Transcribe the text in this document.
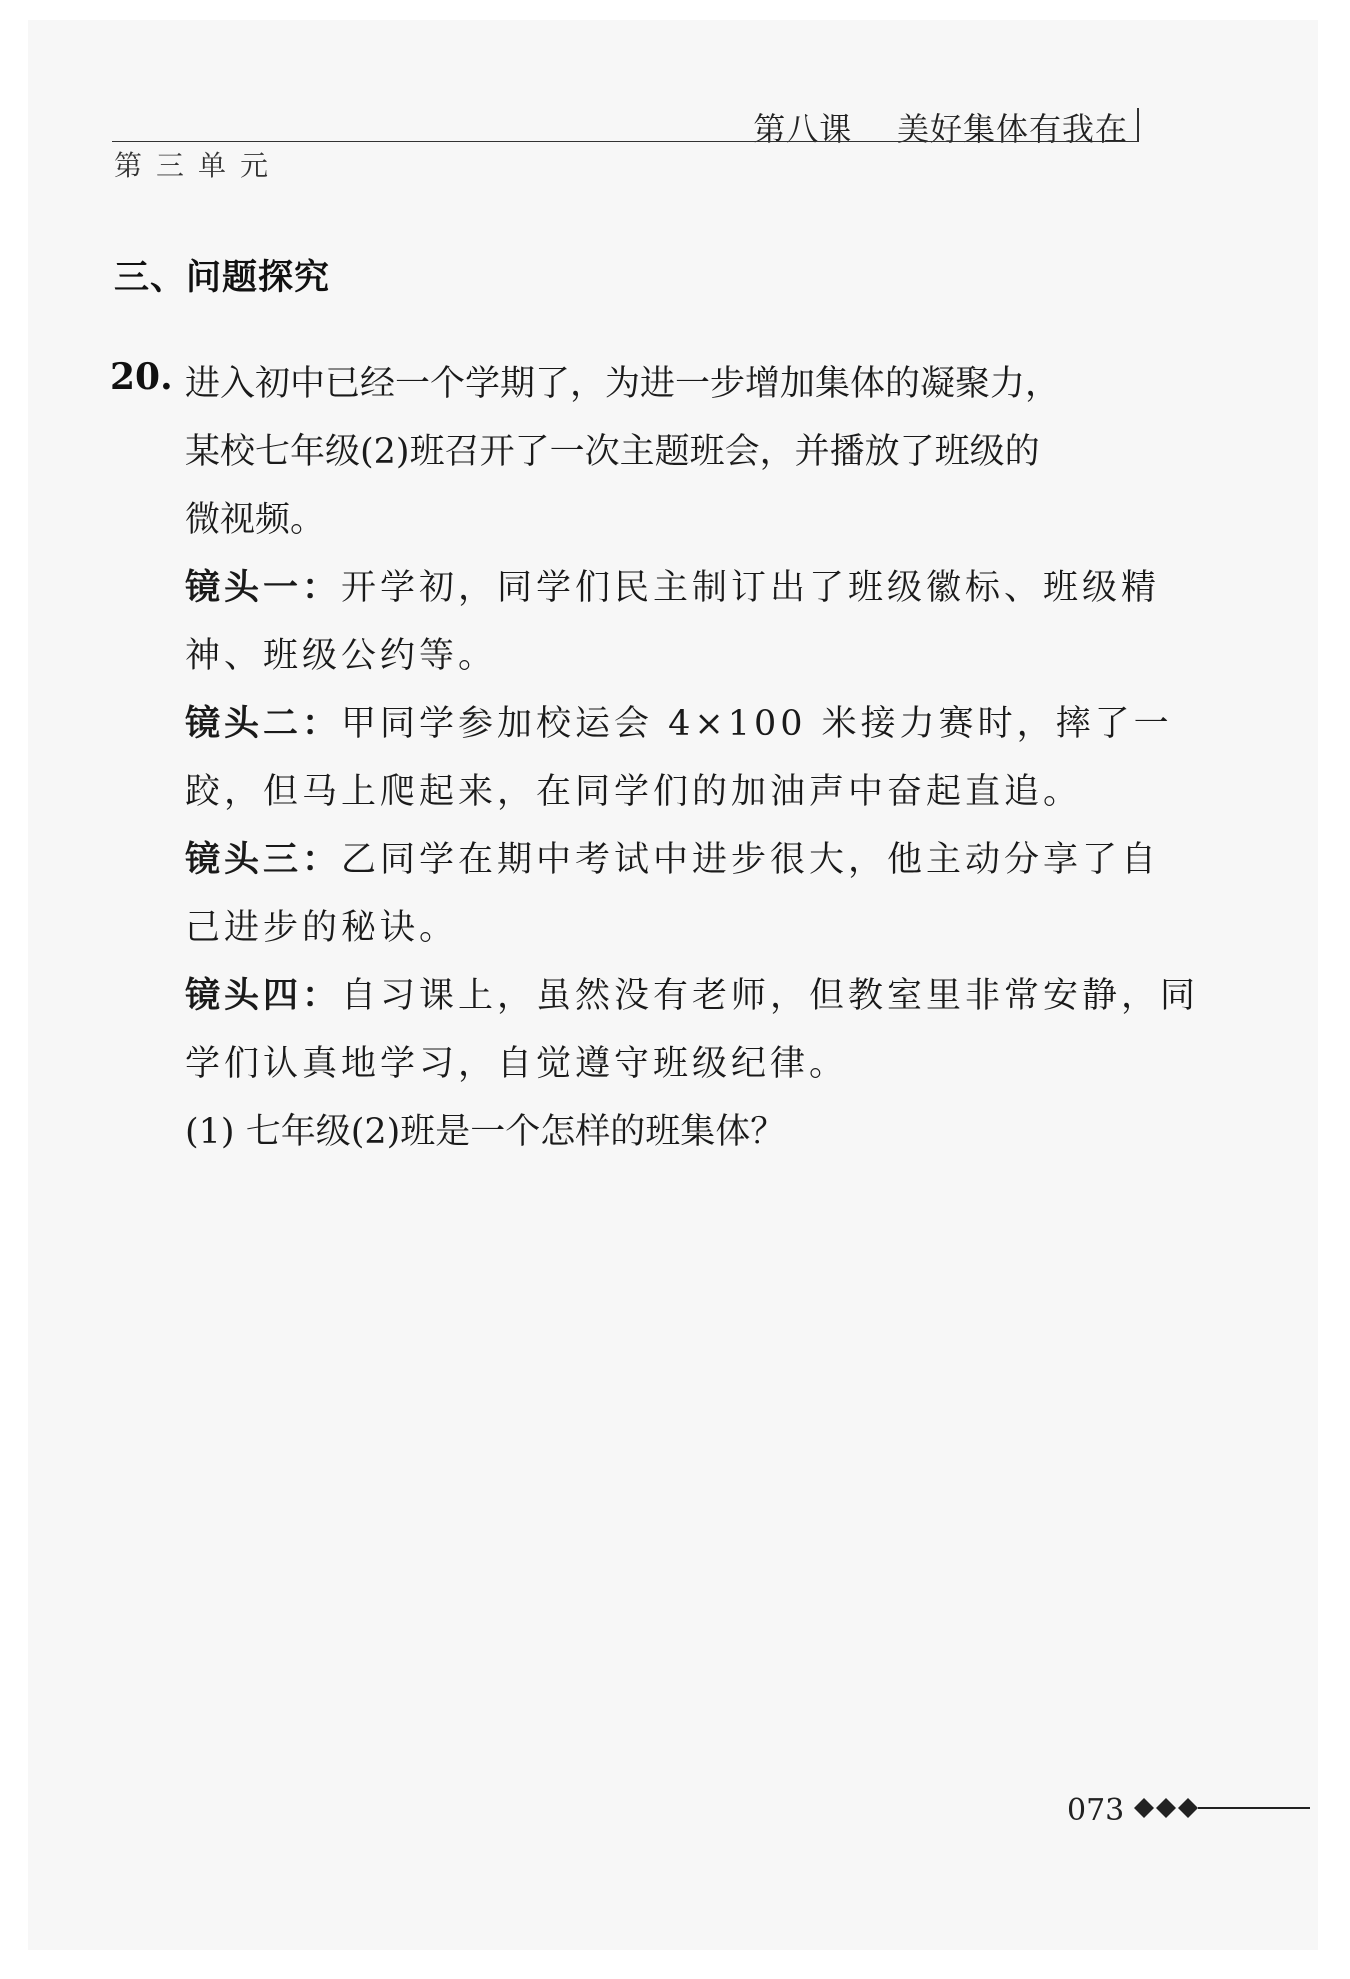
第八课    美好集体有我在
第三单元
三、问题探究
20. 进入初中已经一个学期了，为进一步增加集体的凝聚力，
某校七年级(2)班召开了一次主题班会，并播放了班级的
微视频。
镜头一：开学初，同学们民主制订出了班级徽标、班级精
神、班级公约等。
镜头二：甲同学参加校运会 4×100 米接力赛时，摔了一
跤，但马上爬起来，在同学们的加油声中奋起直追。
镜头三：乙同学在期中考试中进步很大，他主动分享了自
己进步的秘诀。
镜头四：自习课上，虽然没有老师，但教室里非常安静，同
学们认真地学习，自觉遵守班级纪律。
(1) 七年级(2)班是一个怎样的班集体？
073
